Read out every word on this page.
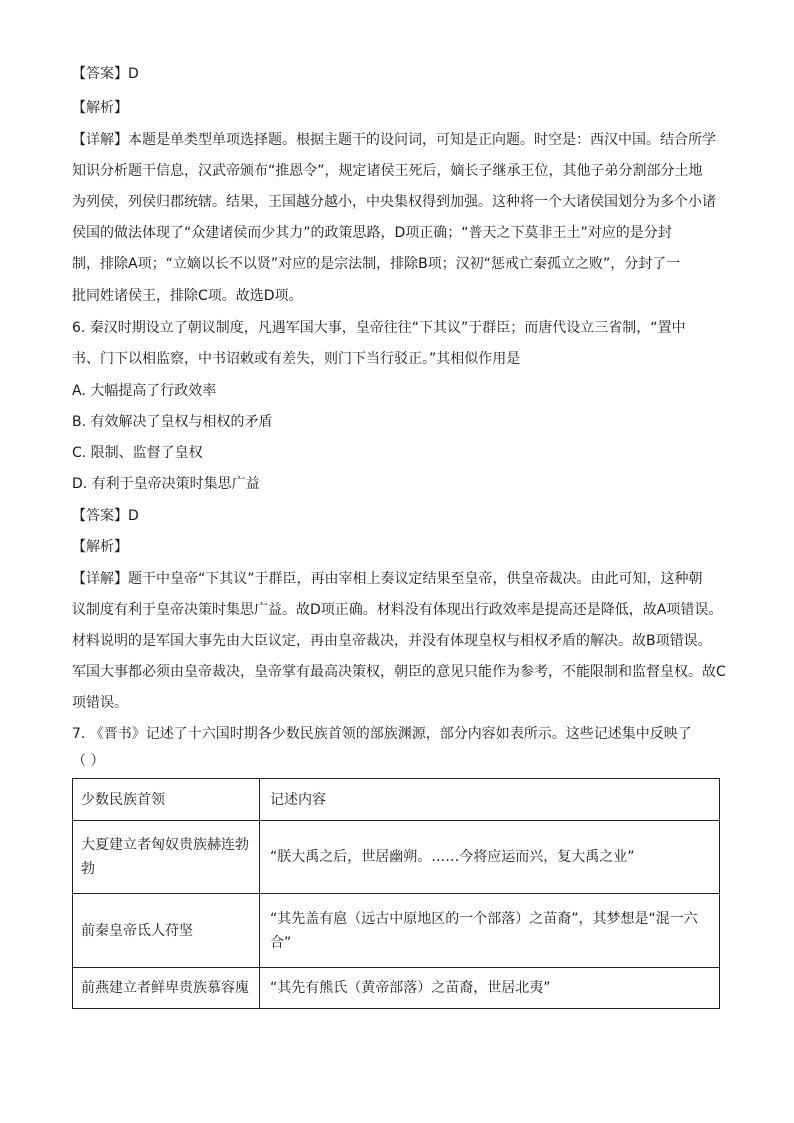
【答案】D
【解析】
【详解】本题是单类型单项选择题。根据主题干的设问词，可知是正向题。时空是：西汉中国。结合所学
知识分析题干信息，汉武帝颁布“推恩令”，规定诸侯王死后，嫡长子继承王位，其他子弟分割部分土地
为列侯，列侯归郡统辖。结果，王国越分越小，中央集权得到加强。这种将一个大诸侯国划分为多个小诸
侯国的做法体现了“众建诸侯而少其力”的政策思路，D项正确；“普天之下莫非王土”对应的是分封
制，排除A项；“立嫡以长不以贤”对应的是宗法制，排除B项；汉初“惩戒亡秦孤立之败”，分封了一
批同姓诸侯王，排除C项。故选D项。
6. 秦汉时期设立了朝议制度，凡遇军国大事，皇帝往往“下其议”于群臣；而唐代设立三省制，“置中
书、门下以相监察，中书诏敕或有差失，则门下当行驳正。”其相似作用是
A. 大幅提高了行政效率
B. 有效解决了皇权与相权的矛盾
C. 限制、监督了皇权
D. 有利于皇帝决策时集思广益
【答案】D
【解析】
【详解】题干中皇帝“下其议”于群臣，再由宰相上奏议定结果至皇帝，供皇帝裁决。由此可知，这种朝
议制度有利于皇帝决策时集思广益。故D项正确。材料没有体现出行政效率是提高还是降低，故A项错误。
材料说明的是军国大事先由大臣议定，再由皇帝裁决，并没有体现皇权与相权矛盾的解决。故B项错误。
军国大事都必须由皇帝裁决，皇帝掌有最高决策权，朝臣的意见只能作为参考，不能限制和监督皇权。故C
项错误。
7. 《晋书》记述了十六国时期各少数民族首领的部族渊源，部分内容如表所示。这些记述集中反映了
（ ）
少数民族首领	记述内容
大夏建立者匈奴贵族赫连勃
勃	“朕大禹之后，世居幽朔。……今将应运而兴，复大禹之业”
前秦皇帝氐人苻坚	“其先盖有扈（远古中原地区的一个部落）之苗裔”，其梦想是“混一六
合”
前燕建立者鲜卑贵族慕容廆	“其先有熊氏（黄帝部落）之苗裔，世居北夷”
